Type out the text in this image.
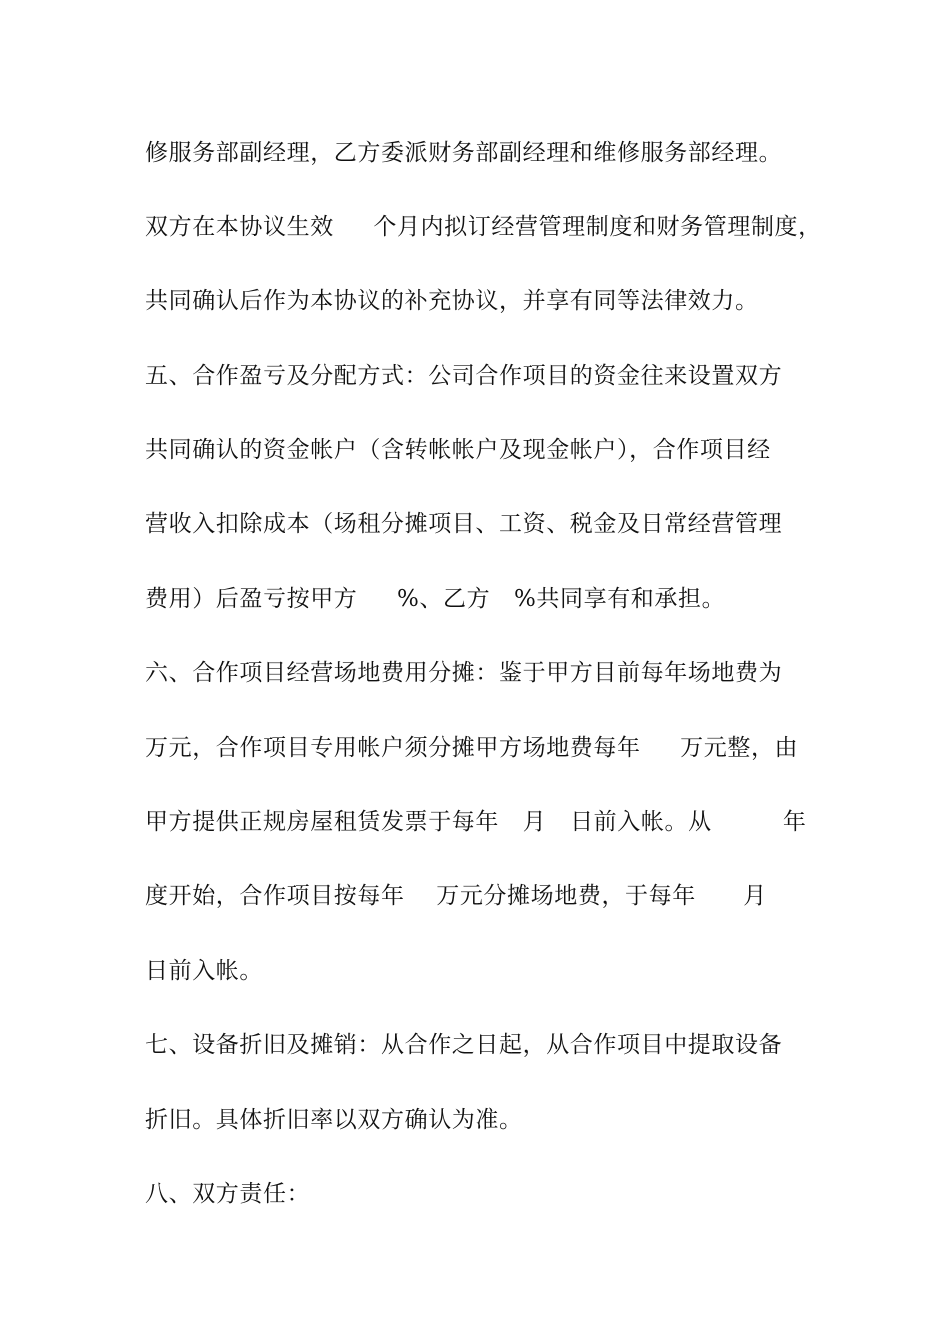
修服务部副经理，乙方委派财务部副经理和维修服务部经理。
双方在本协议生效     个月内拟订经营管理制度和财务管理制度，
共同确认后作为本协议的补充协议，并享有同等法律效力。
五、合作盈亏及分配方式：公司合作项目的资金往来设置双方
共同确认的资金帐户（含转帐帐户及现金帐户），合作项目经
营收入扣除成本（场租分摊项目、工资、税金及日常经营管理
费用）后盈亏按甲方     %、乙方   %共同享有和承担。
六、合作项目经营场地费用分摊：鉴于甲方目前每年场地费为
万元，合作项目专用帐户须分摊甲方场地费每年     万元整，由
甲方提供正规房屋租赁发票于每年   月   日前入帐。从         年
度开始，合作项目按每年    万元分摊场地费，于每年      月
日前入帐。
七、设备折旧及摊销：从合作之日起，从合作项目中提取设备
折旧。具体折旧率以双方确认为准。
八、双方责任：
